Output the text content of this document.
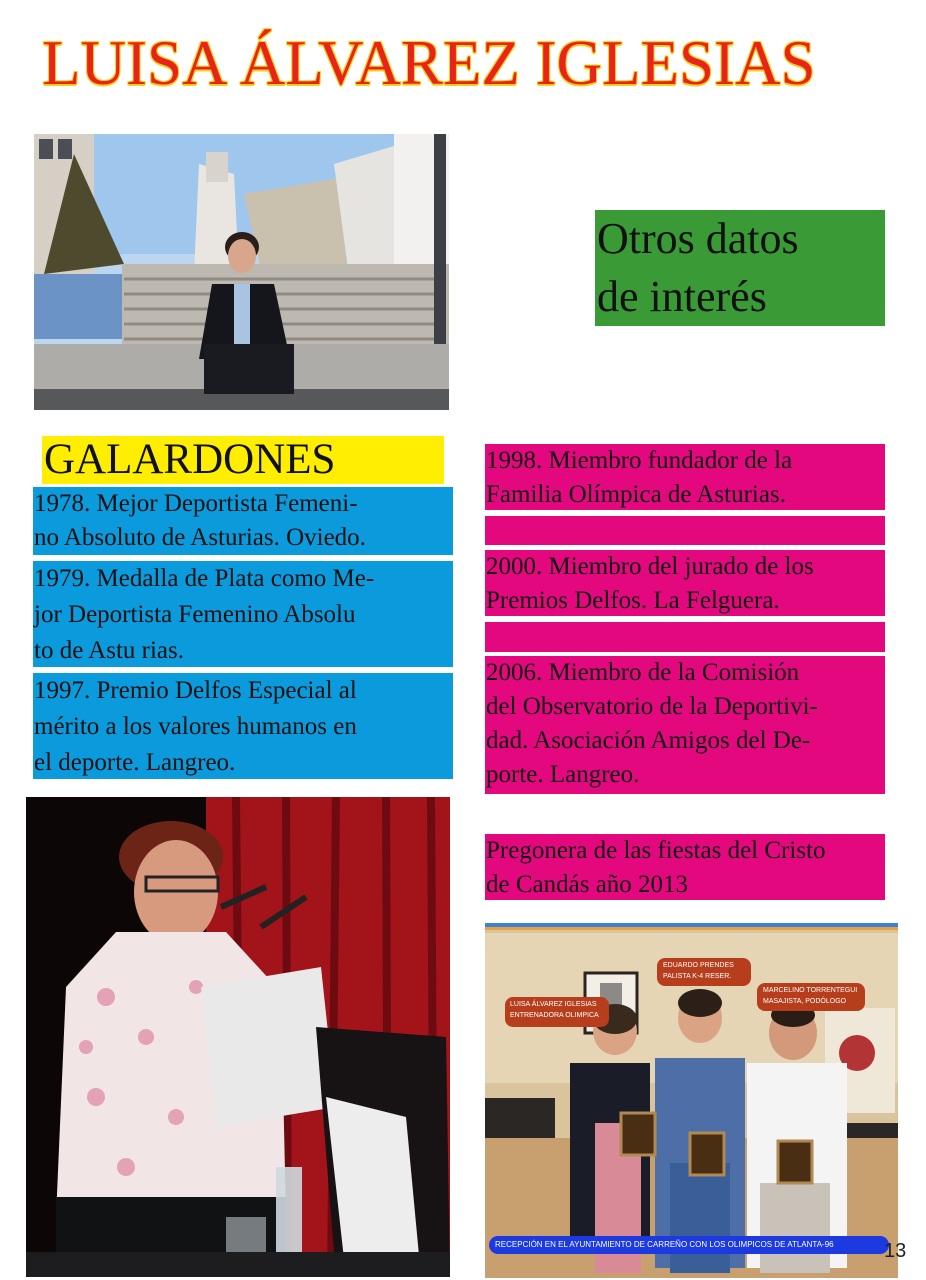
LUISA ÁLVAREZ IGLESIAS
Otros datos
de interés
GALARDONES
1978. Mejor Deportista Femeni-
no Absoluto de Asturias. Oviedo.
1979. Medalla de Plata como Me-
jor Deportista Femenino Absolu
to de Astu rias.
1997. Premio Delfos Especial al
mérito a los valores humanos en
el deporte. Langreo.
1998. Miembro fundador de la
Familia Olímpica de Asturias.
2000. Miembro del jurado de los
Premios Delfos. La Felguera.
2006. Miembro de la Comisión
del Observatorio de la Deportivi-
dad. Asociación Amigos del De-
porte. Langreo.
Pregonera de las fiestas del Cristo
de Candás año 2013
LUISA ÁLVAREZ IGLESIAS
ENTRENADORA OLIMPICA
EDUARDO PRENDES
PALISTA K-4 RESER.
MARCELINO TORRENTEGUI
MASAJISTA, PODÓLOGO
RECEPCIÓN EN EL AYUNTAMIENTO DE CARREÑO CON LOS OLIMPICOS DE ATLANTA-96	13
